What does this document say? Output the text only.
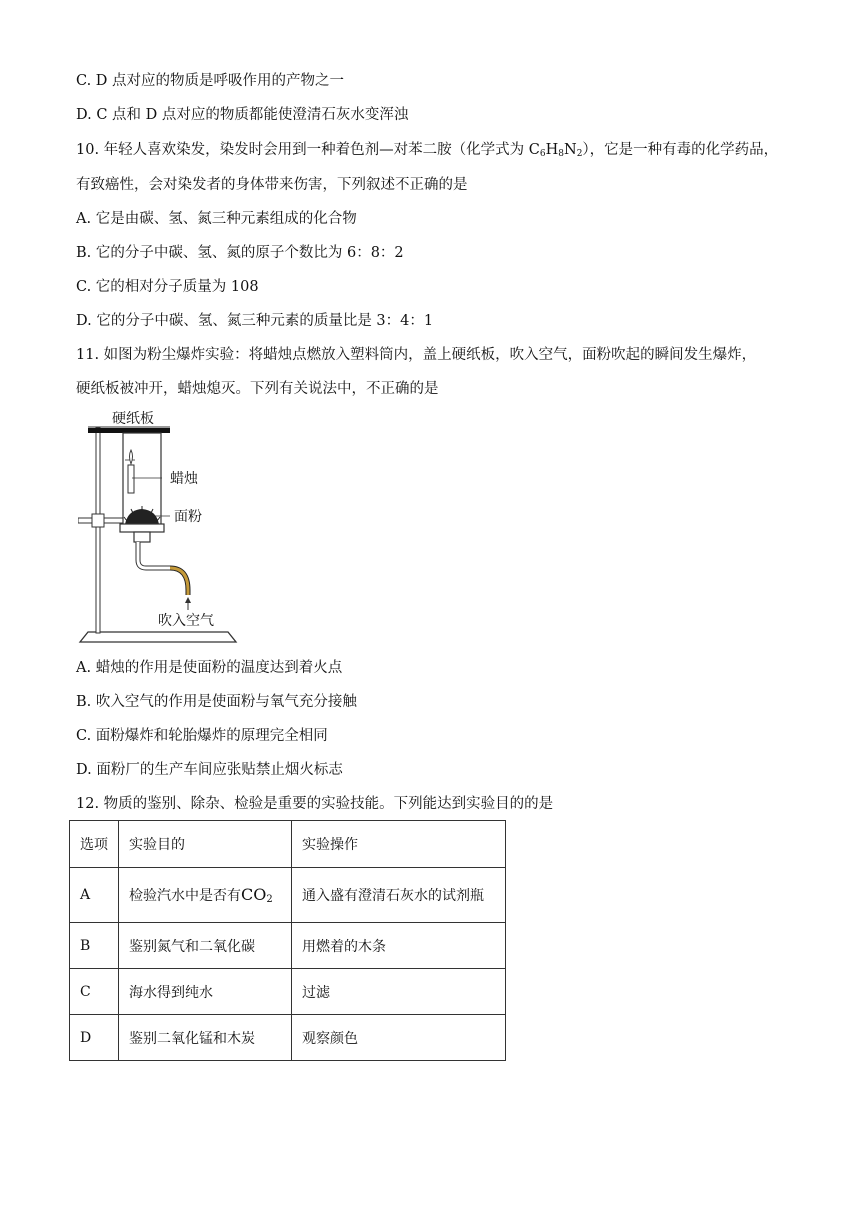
C. D 点对应的物质是呼吸作用的产物之一
D. C 点和 D 点对应的物质都能使澄清石灰水变浑浊
10. 年轻人喜欢染发，染发时会用到一种着色剂—对苯二胺（化学式为 $C_6H_8N_2$），它是一种有毒的化学药品，
有致癌性，会对染发者的身体带来伤害，下列叙述不正确的是
A. 它是由碳、氢、氮三种元素组成的化合物
B. 它的分子中碳、氢、氮的原子个数比为 6：8：2
C. 它的相对分子质量为 108
D. 它的分子中碳、氢、氮三种元素的质量比是 3：4：1
11. 如图为粉尘爆炸实验：将蜡烛点燃放入塑料筒内，盖上硬纸板，吹入空气，面粉吹起的瞬间发生爆炸，
硬纸板被冲开，蜡烛熄灭。下列有关说法中，不正确的是
硬纸板
蜡烛
面粉
吹入空气
A. 蜡烛的作用是使面粉的温度达到着火点
B. 吹入空气的作用是使面粉与氧气充分接触
C. 面粉爆炸和轮胎爆炸的原理完全相同
D. 面粉厂的生产车间应张贴禁止烟火标志
12. 物质的鉴别、除杂、检验是重要的实验技能。下列能达到实验目的的是
选项	实验目的	实验操作
A	检验汽水中是否有$CO_2$	通入盛有澄清石灰水的试剂瓶
B	鉴别氮气和二氧化碳	用燃着的木条
C	海水得到纯水	过滤
D	鉴别二氧化锰和木炭	观察颜色
